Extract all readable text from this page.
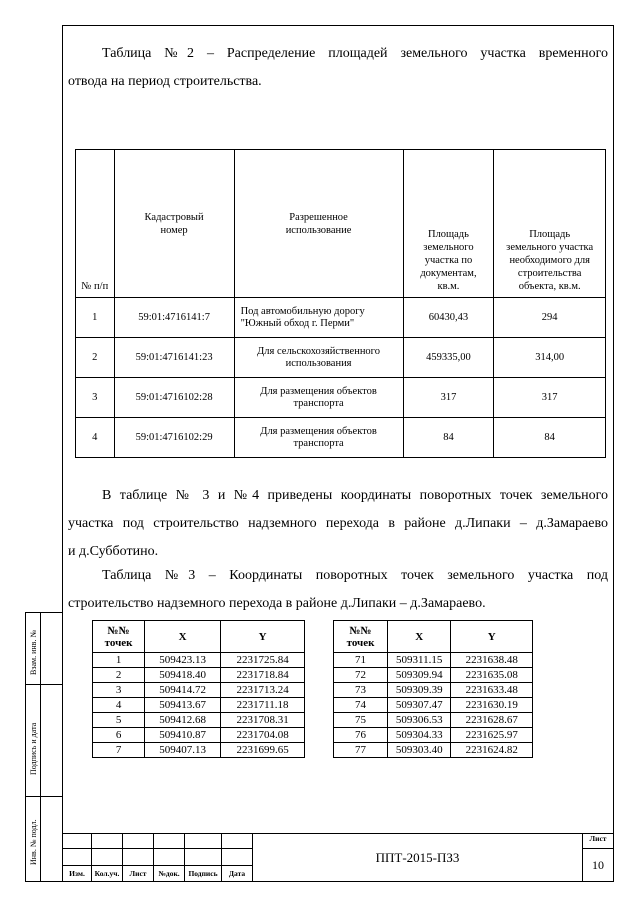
Таблица №2 – Распределение площадей земельного участка временного

отвода на период строительства.

№ п/п	Кадастровый номер	Разрешенное использование	Площадь земельного участка по документам, кв.м.	Площадь земельного участка необходимого для строительства объекта, кв.м.

1	59:01:4716141:7	Под автомобильную дорогу "Южный обход г. Перми"	60430,43	294
2	59:01:4716141:23	Для сельскохозяйственного использования	459335,00	314,00
3	59:01:4716102:28	Для размещения объектов транспорта	317	317
4	59:01:4716102:29	Для размещения объектов транспорта	84	84

В таблице № 3 и №4 приведены координаты поворотных точек земельного

участка под строительство надземного перехода в районе д.Липаки – д.Замараево

и д.Субботино.

Таблица №3 – Координаты поворотных точек земельного участка под

строительство надземного перехода в районе д.Липаки – д.Замараево.

№№ точек	X	Y
1	509423.13	2231725.84
2	509418.40	2231718.84
3	509414.72	2231713.24
4	509413.67	2231711.18
5	509412.68	2231708.31
6	509410.87	2231704.08
7	509407.13	2231699.65
№№ точек	X	Y
71	509311.15	2231638.48
72	509309.94	2231635.08
73	509309.39	2231633.48
74	509307.47	2231630.19
75	509306.53	2231628.67
76	509304.33	2231625.97
77	509303.40	2231624.82
Взам. инв. №
Подпись и дата
Инв. № подл.
							ППТ-2015-ПЗ3	Лист
							10
Изм.	Кол.уч.	Лист	№док.	Подпись	Дата		
